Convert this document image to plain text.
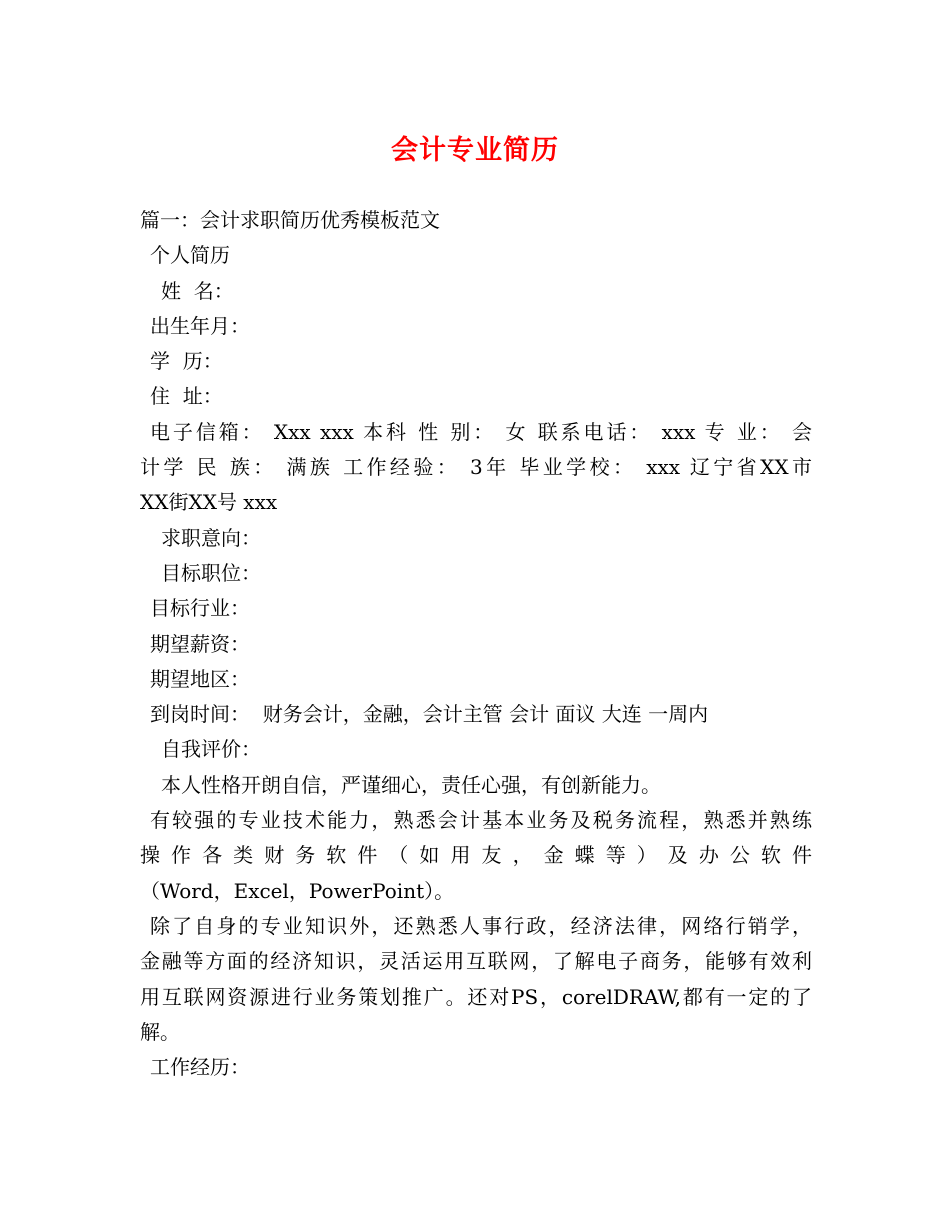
会计专业简历
篇一：会计求职简历优秀模板范文
个人简历
姓  名：
出生年月：
学  历：
住  址：
电子信箱： Xxx xxx 本科 性 别： 女 联系电话： xxx 专 业： 会
计学 民 族： 满族 工作经验： 3年 毕业学校： xxx 辽宁省XX市
XX街XX号 xxx
求职意向：
目标职位：
目标行业：
期望薪资：
期望地区：
到岗时间：  财务会计，金融，会计主管 会计 面议 大连 一周内
自我评价：
本人性格开朗自信，严谨细心，责任心强，有创新能力。
有较强的专业技术能力，熟悉会计基本业务及税务流程，熟悉并熟练
操 作 各 类 财 务 软 件 （ 如 用 友 ， 金 蝶 等 ） 及 办 公 软 件
（Word，Excel，PowerPoint）。
除了自身的专业知识外，还熟悉人事行政，经济法律，网络行销学，
金融等方面的经济知识，灵活运用互联网，了解电子商务，能够有效利
用互联网资源进行业务策划推广。还对PS，corelDRAW,都有一定的了
解。
工作经历：
